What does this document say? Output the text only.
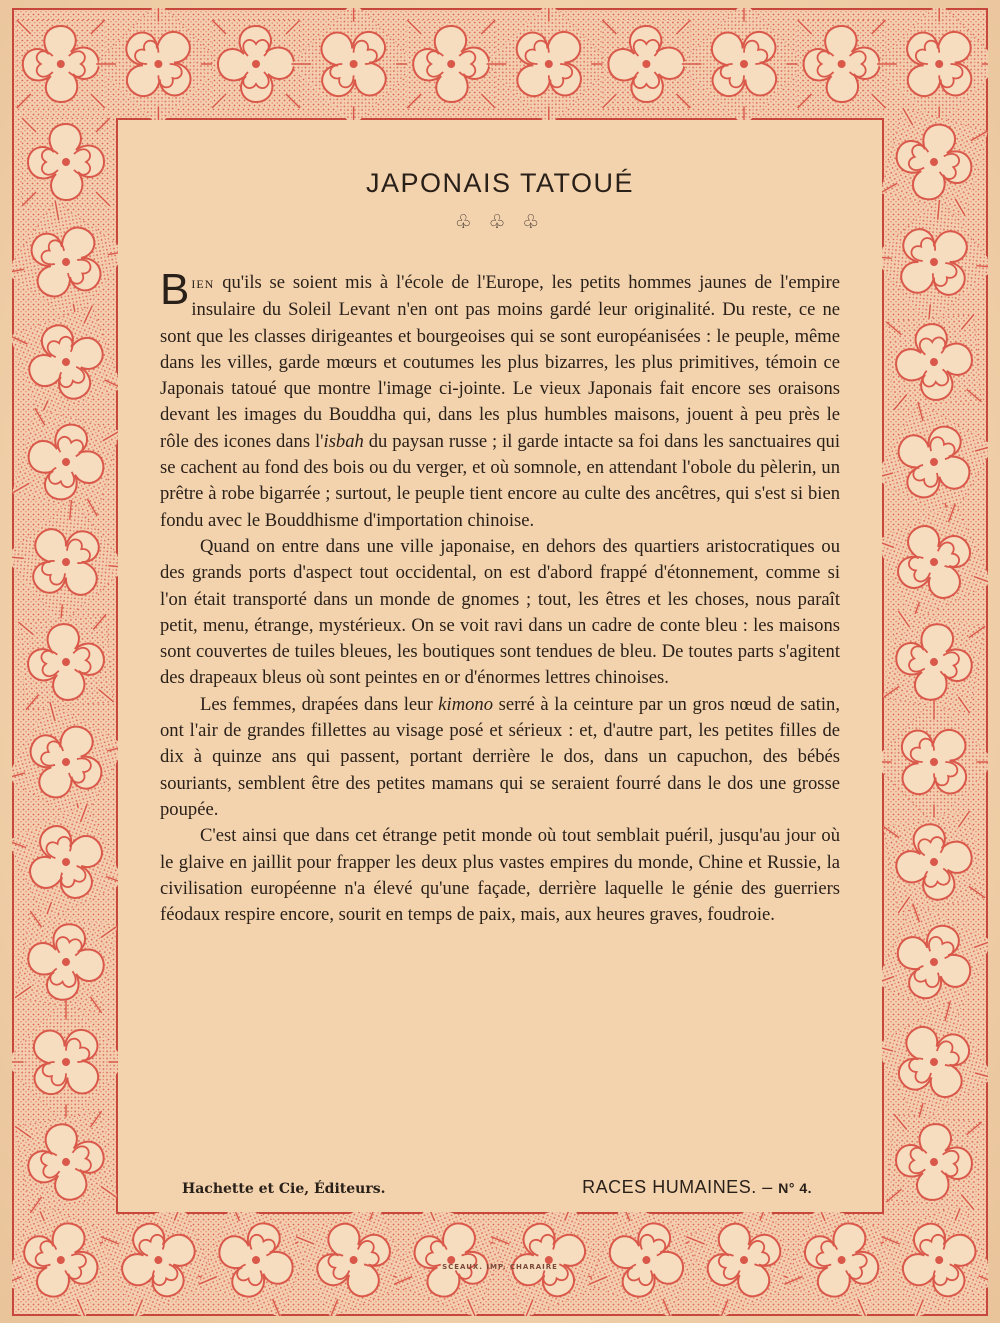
JAPONAIS TATOUÉ
♧ ♧ ♧

BIEN qu'ils se soient mis à l'école de l'Europe, les petits hommes jaunes de l'empire insulaire du Soleil Levant n'en ont pas moins gardé leur originalité. Du reste, ce ne sont que les classes dirigeantes et bourgeoises qui se sont européanisées : le peuple, même dans les villes, garde mœurs et coutumes les plus bizarres, les plus primitives, témoin ce Japonais tatoué que montre l'image ci-jointe. Le vieux Japonais fait encore ses oraisons devant les images du Bouddha qui, dans les plus humbles maisons, jouent à peu près le rôle des icones dans l'isbah du paysan russe ; il garde intacte sa foi dans les sanctuaires qui se cachent au fond des bois ou du verger, et où somnole, en attendant l'obole du pèlerin, un prêtre à robe bigarrée ; surtout, le peuple tient encore au culte des ancêtres, qui s'est si bien fondu avec le Bouddhisme d'importation chinoise.

Quand on entre dans une ville japonaise, en dehors des quartiers aristocratiques ou des grands ports d'aspect tout occidental, on est d'abord frappé d'étonnement, comme si l'on était transporté dans un monde de gnomes ; tout, les êtres et les choses, nous paraît petit, menu, étrange, mystérieux. On se voit ravi dans un cadre de conte bleu : les maisons sont couvertes de tuiles bleues, les boutiques sont tendues de bleu. De toutes parts s'agitent des drapeaux bleus où sont peintes en or d'énormes lettres chinoises.

Les femmes, drapées dans leur kimono serré à la ceinture par un gros nœud de satin, ont l'air de grandes fillettes au visage posé et sérieux : et, d'autre part, les petites filles de dix à quinze ans qui passent, portant derrière le dos, dans un capuchon, des bébés souriants, semblent être des petites mamans qui se seraient fourré dans le dos une grosse poupée.

C'est ainsi que dans cet étrange petit monde où tout semblait puéril, jusqu'au jour où le glaive en jaillit pour frapper les deux plus vastes empires du monde, Chine et Russie, la civilisation européenne n'a élevé qu'une façade, derrière laquelle le génie des guerriers féodaux respire encore, sourit en temps de paix, mais, aux heures graves, foudroie.

Hachette et Cie, Éditeurs.	RACES HUMAINES. – N° 4.
SCEAUX. IMP. CHARAIRE
